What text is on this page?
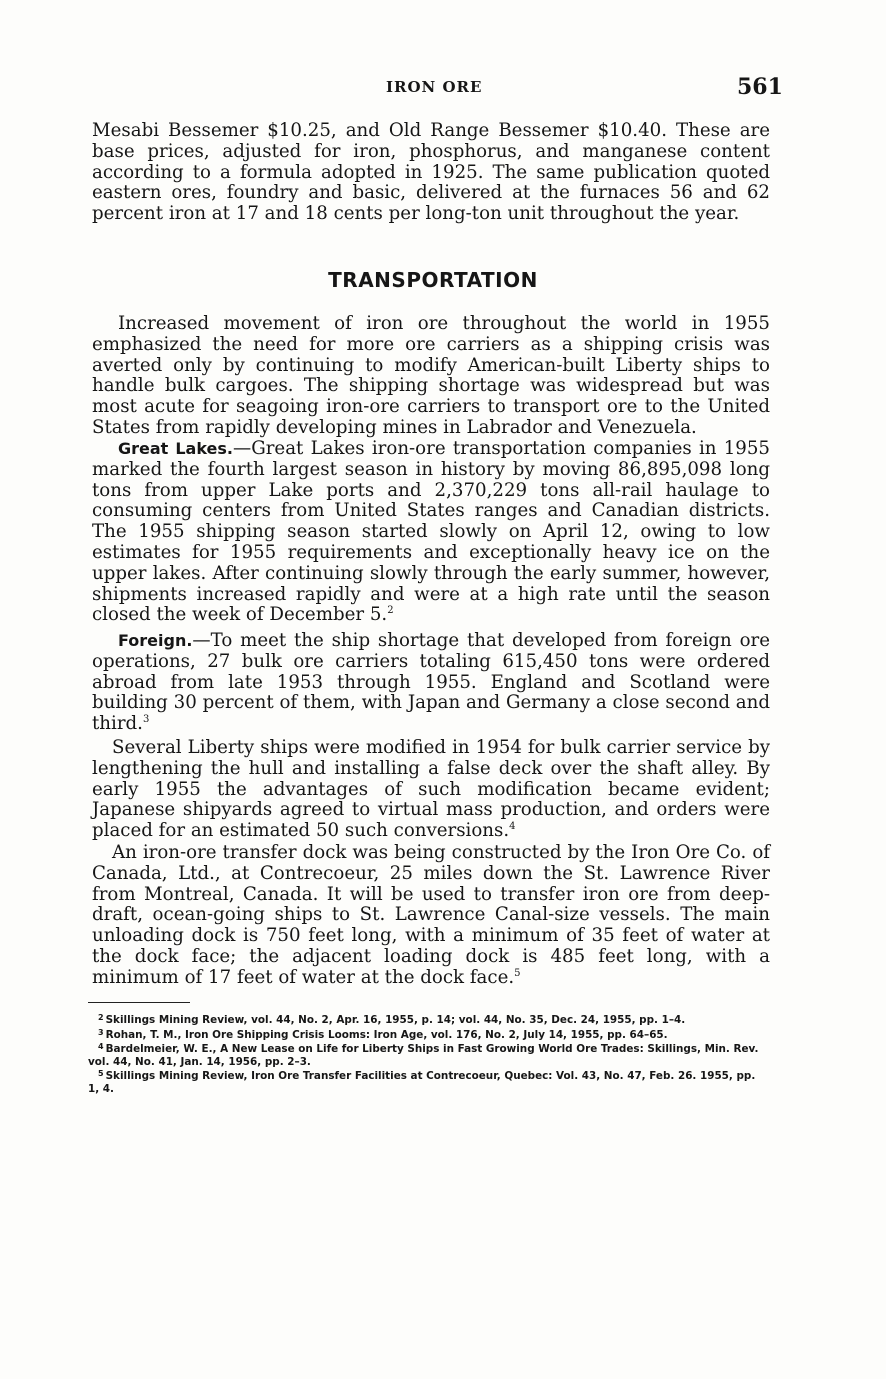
IRON ORE	561

Mesabi Bessemer $10.25, and Old Range Bessemer $10.40. These are base prices, adjusted for iron, phosphorus, and manganese content according to a formula adopted in 1925. The same publication quoted eastern ores, foundry and basic, delivered at the furnaces 56 and 62 percent iron at 17 and 18 cents per long-ton unit throughout the year.

TRANSPORTATION

Increased movement of iron ore throughout the world in 1955 emphasized the need for more ore carriers as a shipping crisis was averted only by continuing to modify American-built Liberty ships to handle bulk cargoes. The shipping shortage was widespread but was most acute for seagoing iron-ore carriers to transport ore to the United States from rapidly developing mines in Labrador and Venezuela.

Great Lakes.—Great Lakes iron-ore transportation companies in 1955 marked the fourth largest season in history by moving 86,895,098 long tons from upper Lake ports and 2,370,229 tons all-rail haulage to consuming centers from United States ranges and Canadian districts. The 1955 shipping season started slowly on April 12, owing to low estimates for 1955 requirements and exceptionally heavy ice on the upper lakes. After continuing slowly through the early summer, however, shipments increased rapidly and were at a high rate until the season closed the week of December 5.$^2$

Foreign.—To meet the ship shortage that developed from foreign ore operations, 27 bulk ore carriers totaling 615,450 tons were ordered abroad from late 1953 through 1955. England and Scotland were building 30 percent of them, with Japan and Germany a close second and third.$^3$

Several Liberty ships were modified in 1954 for bulk carrier service by lengthening the hull and installing a false deck over the shaft alley. By early 1955 the advantages of such modification became evident; Japanese shipyards agreed to virtual mass production, and orders were placed for an estimated 50 such conversions.$^4$

An iron-ore transfer dock was being constructed by the Iron Ore Co. of Canada, Ltd., at Contrecoeur, 25 miles down the St. Lawrence River from Montreal, Canada. It will be used to transfer iron ore from deep-draft, ocean-going ships to St. Lawrence Canal-size vessels. The main unloading dock is 750 feet long, with a minimum of 35 feet of water at the dock face; the adjacent loading dock is 485 feet long, with a minimum of 17 feet of water at the dock face.$^5$

$^2$ Skillings Mining Review, vol. 44, No. 2, Apr. 16, 1955, p. 14; vol. 44, No. 35, Dec. 24, 1955, pp. 1–4.
$^3$ Rohan, T. M., Iron Ore Shipping Crisis Looms: Iron Age, vol. 176, No. 2, July 14, 1955, pp. 64–65.
$^4$ Bardelmeier, W. E., A New Lease on Life for Liberty Ships in Fast Growing World Ore Trades: Skillings, Min. Rev. vol. 44, No. 41, Jan. 14, 1956, pp. 2–3.
$^5$ Skillings Mining Review, Iron Ore Transfer Facilities at Contrecoeur, Quebec: Vol. 43, No. 47, Feb. 26. 1955, pp. 1, 4.
